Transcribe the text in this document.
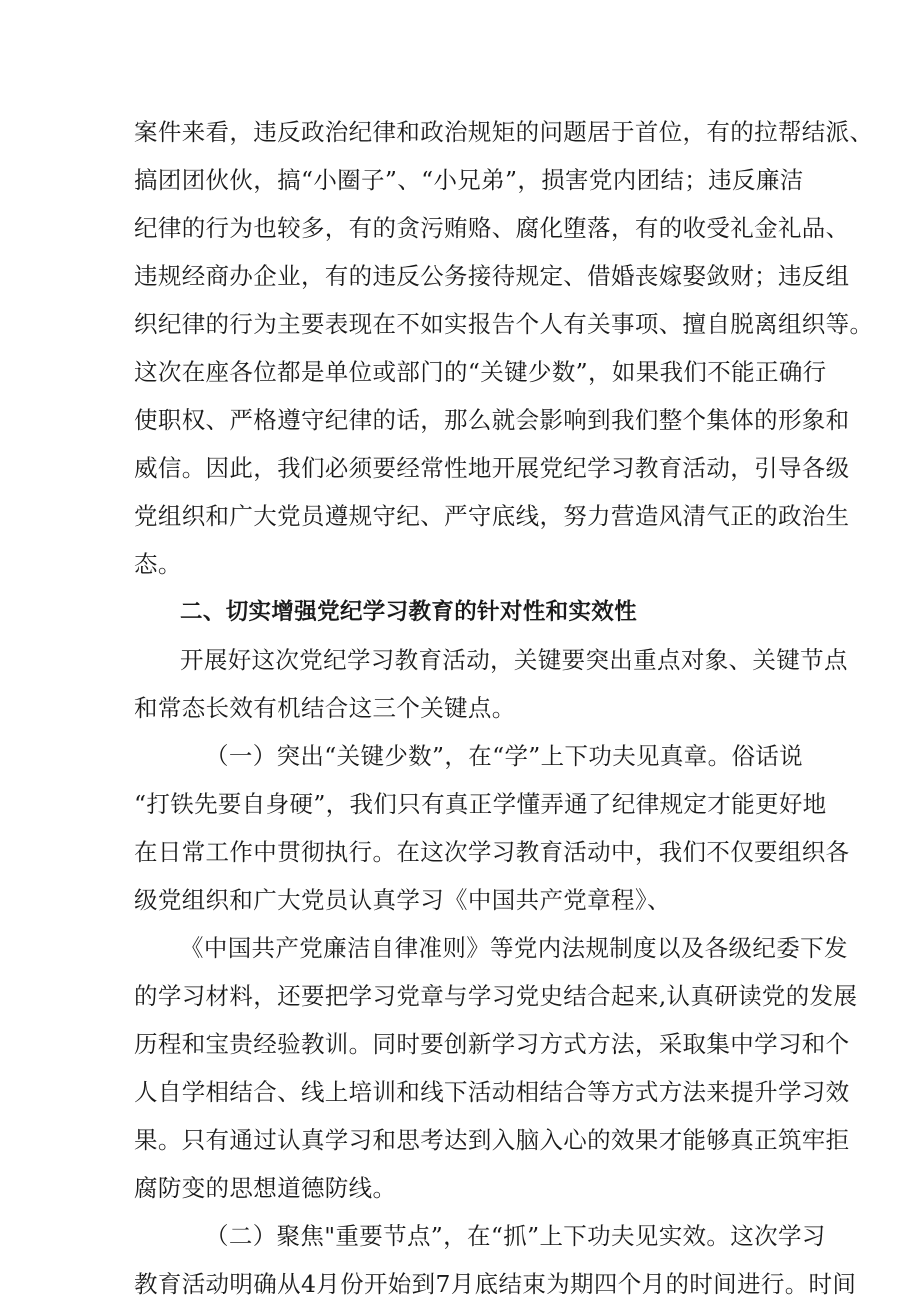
案件来看，违反政治纪律和政治规矩的问题居于首位，有的拉帮结派、
搞团团伙伙，搞“小圈子”、“小兄弟”，损害党内团结；违反廉洁
纪律的行为也较多，有的贪污贿赂、腐化堕落，有的收受礼金礼品、
违规经商办企业，有的违反公务接待规定、借婚丧嫁娶敛财；违反组
织纪律的行为主要表现在不如实报告个人有关事项、擅自脱离组织等。
这次在座各位都是单位或部门的“关键少数”，如果我们不能正确行
使职权、严格遵守纪律的话，那么就会影响到我们整个集体的形象和
威信。因此，我们必须要经常性地开展党纪学习教育活动，引导各级
党组织和广大党员遵规守纪、严守底线，努力营造风清气正的政治生
态。
二、切实增强党纪学习教育的针对性和实效性
开展好这次党纪学习教育活动，关键要突出重点对象、关键节点
和常态长效有机结合这三个关键点。
（一）突出“关键少数”，在“学”上下功夫见真章。俗话说
“打铁先要自身硬”，我们只有真正学懂弄通了纪律规定才能更好地
在日常工作中贯彻执行。在这次学习教育活动中，我们不仅要组织各
级党组织和广大党员认真学习《中国共产党章程》、
《中国共产党廉洁自律准则》等党内法规制度以及各级纪委下发
的学习材料，还要把学习党章与学习党史结合起来,认真研读党的发展
历程和宝贵经验教训。同时要创新学习方式方法，采取集中学习和个
人自学相结合、线上培训和线下活动相结合等方式方法来提升学习效
果。只有通过认真学习和思考达到入脑入心的效果才能够真正筑牢拒
腐防变的思想道德防线。
（二）聚焦"重要节点”，在“抓”上下功夫见实效。这次学习
教育活动明确从4月份开始到7月底结束为期四个月的时间进行。时间
